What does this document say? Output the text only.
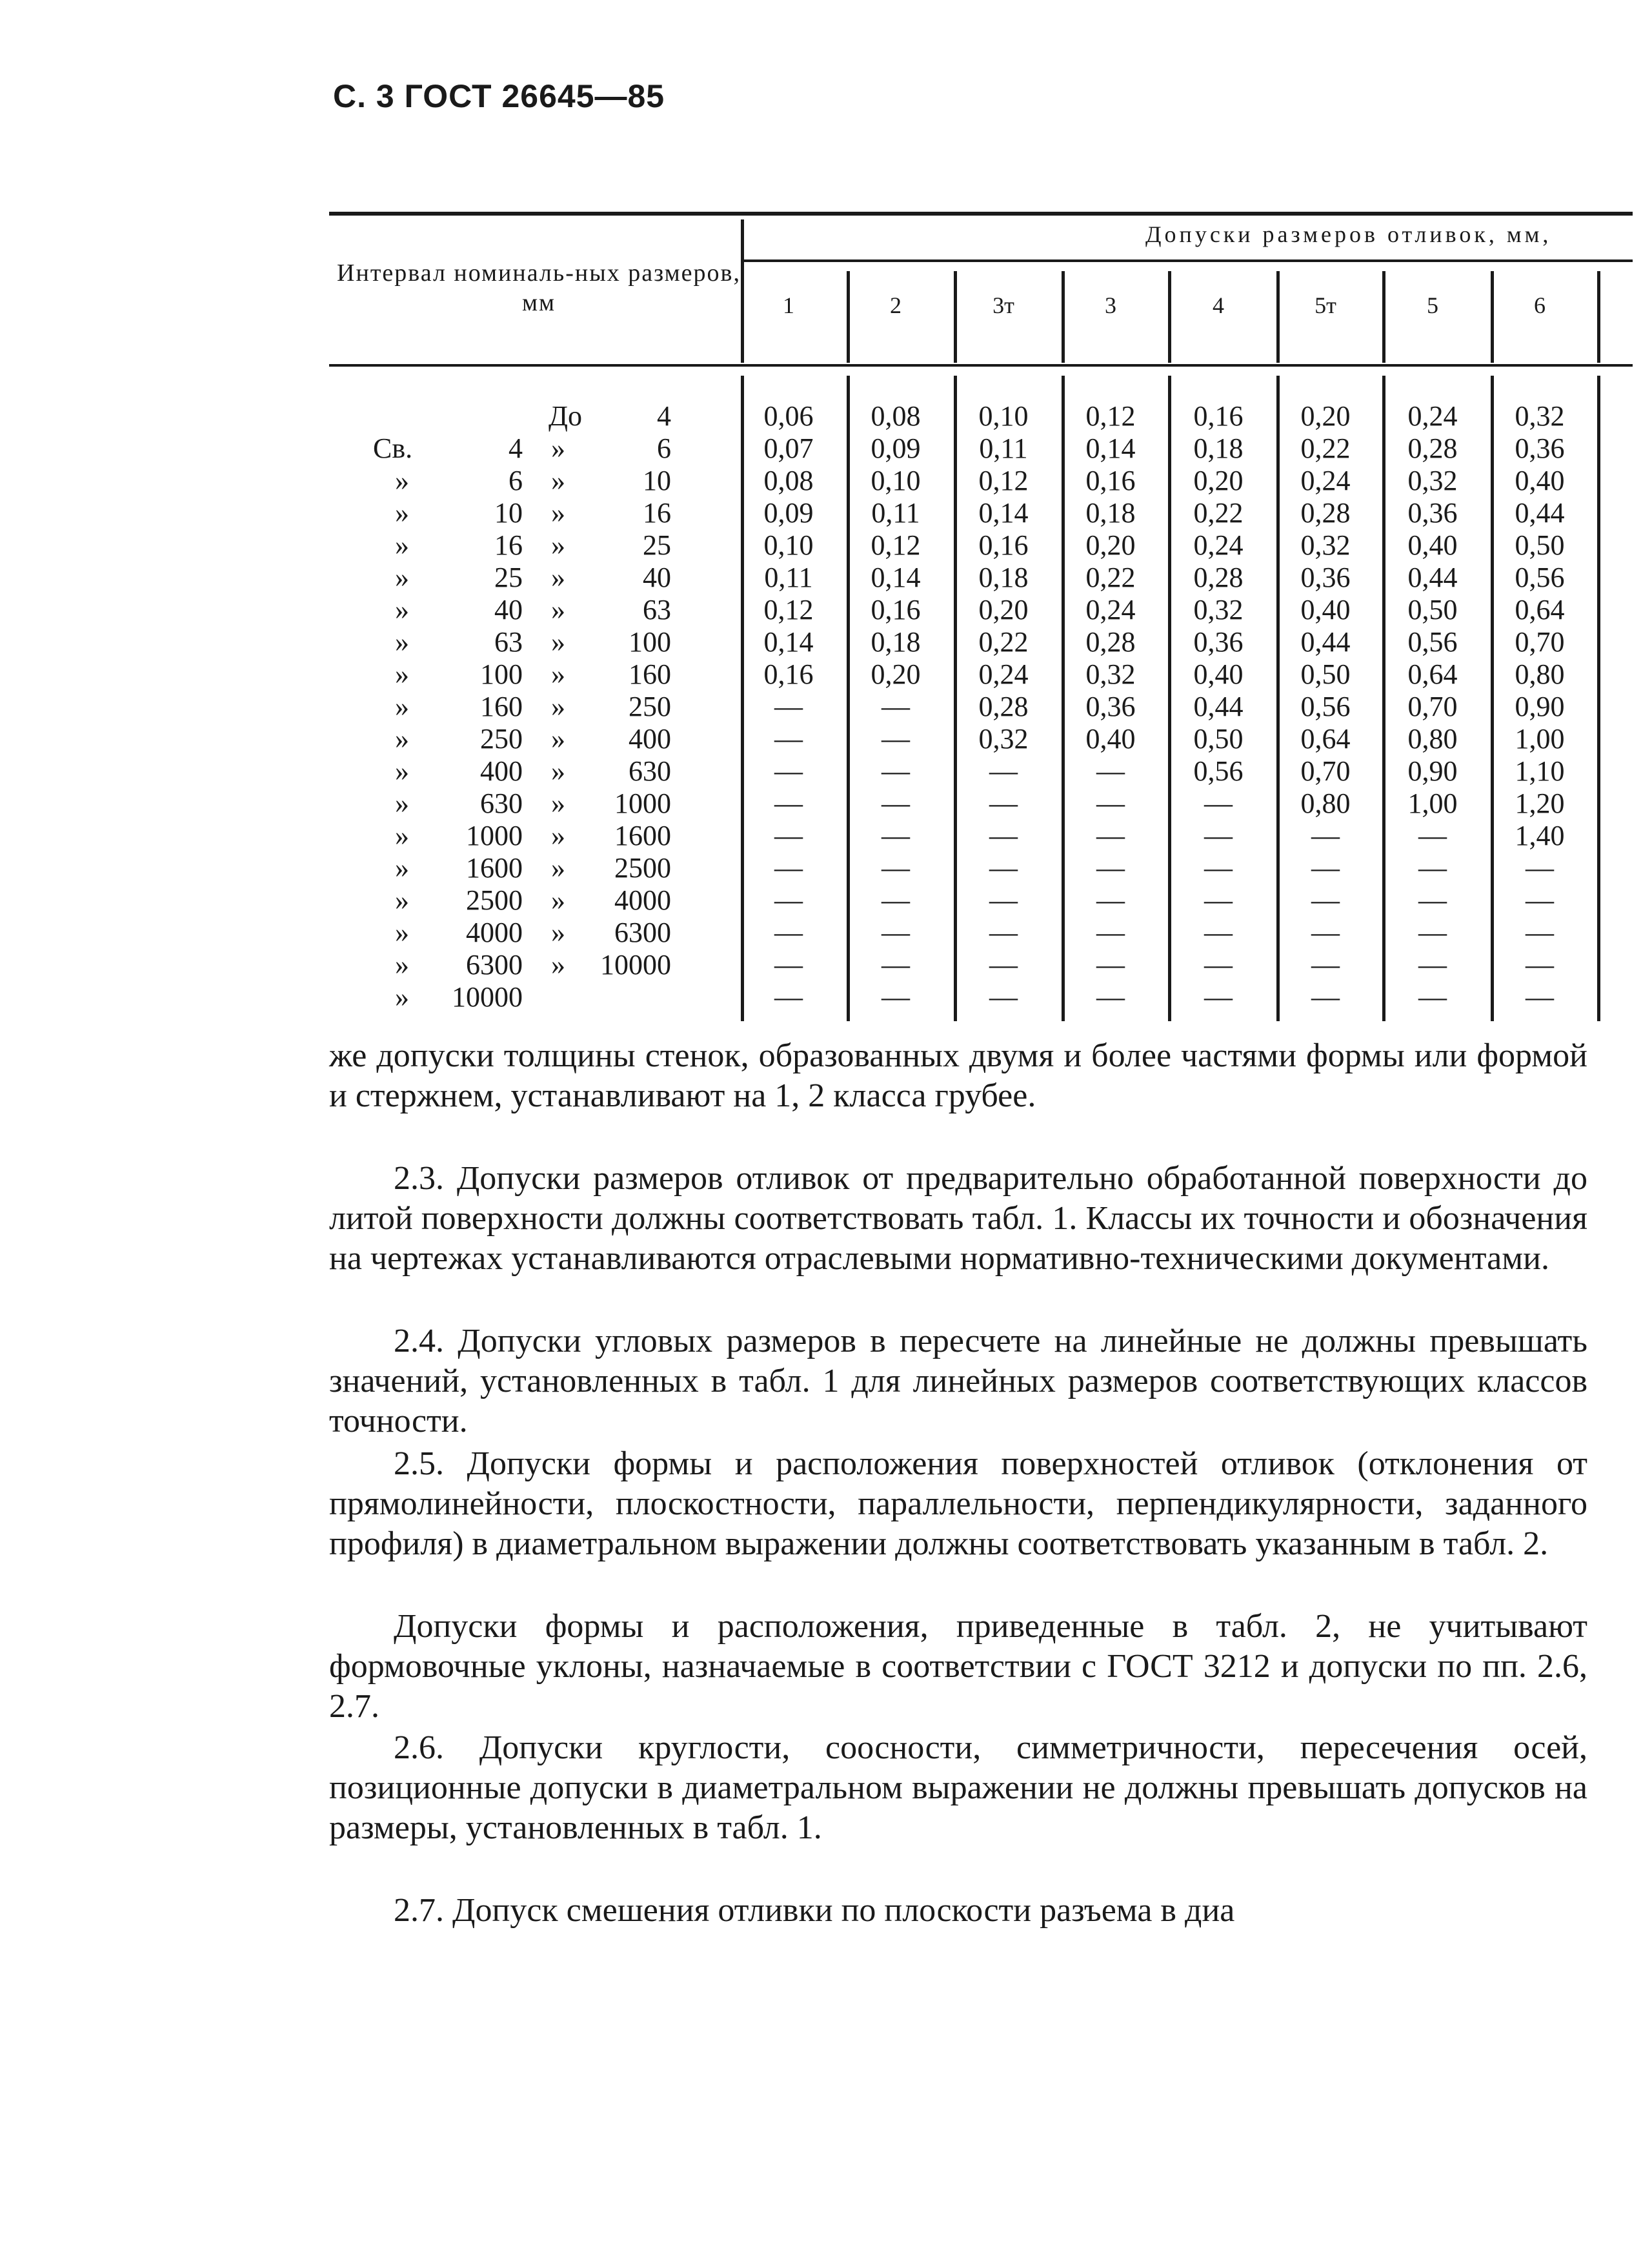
С. 3 ГОСТ 26645—85
Интервал номиналь-ных размеров, мм
Допуски размеров отливок, мм,
1	2	3т	3	4	5т	5	6
До	4	0,06	0,08	0,10	0,12	0,16	0,20	0,24	0,32
Св.	4 »	6	0,07	0,09	0,11	0,14	0,18	0,22	0,28	0,36
»	6 »	10	0,08	0,10	0,12	0,16	0,20	0,24	0,32	0,40
»	10 »	16	0,09	0,11	0,14	0,18	0,22	0,28	0,36	0,44
»	16 »	25	0,10	0,12	0,16	0,20	0,24	0,32	0,40	0,50
»	25 »	40	0,11	0,14	0,18	0,22	0,28	0,36	0,44	0,56
»	40 »	63	0,12	0,16	0,20	0,24	0,32	0,40	0,50	0,64
»	63 »	100	0,14	0,18	0,22	0,28	0,36	0,44	0,56	0,70
»	100 »	160	0,16	0,20	0,24	0,32	0,40	0,50	0,64	0,80
»	160 »	250	—	—	0,28	0,36	0,44	0,56	0,70	0,90
»	250 »	400	—	—	0,32	0,40	0,50	0,64	0,80	1,00
»	400 »	630	—	—	—	—	0,56	0,70	0,90	1,10
»	630 »	1000	—	—	—	—	—	0,80	1,00	1,20
»	1000 »	1600	—	—	—	—	—	—	—	1,40
»	1600 »	2500	—	—	—	—	—	—	—	—
»	2500 »	4000	—	—	—	—	—	—	—	—
»	4000 »	6300	—	—	—	—	—	—	—	—
»	6300 » 10000	—	—	—	—	—	—	—	—
» 10000	—	—	—	—	—	—	—	—

же допуски толщины стенок, образованных двумя и более частями формы или формой и стержнем, устанавливают на 1, 2 класса грубее.

2.3. Допуски размеров отливок от предварительно обработанной поверхности до литой поверхности должны соответствовать табл. 1. Классы их точности и обозначения на чертежах устанавливаются отраслевыми нормативно-техническими документами.

2.4. Допуски угловых размеров в пересчете на линейные не должны превышать значений, установленных в табл. 1 для линейных размеров соответствующих классов точности.

2.5. Допуски формы и расположения поверхностей отливок (отклонения от прямолинейности, плоскостности, параллельности, перпендикулярности, заданного профиля) в диаметральном выражении должны соответствовать указанным в табл. 2.

Допуски формы и расположения, приведенные в табл. 2, не учитывают формовочные уклоны, назначаемые в соответствии с ГОСТ 3212 и допуски по пп. 2.6, 2.7.

2.6. Допуски круглости, соосности, симметричности, пересечения осей, позиционные допуски в диаметральном выражении не должны превышать допусков на размеры, установленных в табл. 1.

2.7. Допуск смешения отливки по плоскости разъема в диа
